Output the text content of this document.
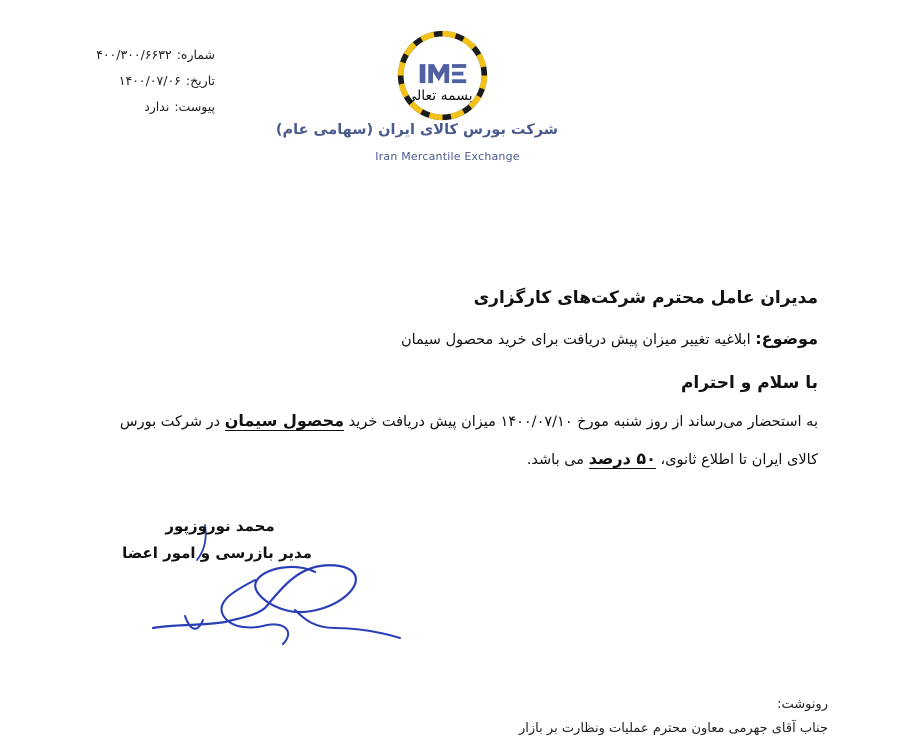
شماره:۴۰۰/۳۰۰/۶۶۳۲
تاریخ:۱۴۰۰/۰۷/۰۶
پیوست:ندارد
بسمه تعالی
شرکت بورس کالای ایران (سهامی عام)
Iran Mercantile Exchange
مدیران عامل محترم شرکت‌های کارگزاری
موضوع: ابلاغیه تغییر میزان پیش دریافت برای خرید محصول سیمان
با سلام و احترام
به استحضار می‌رساند از روز شنبه مورخ ۱۴۰۰/۰۷/۱۰ میزان پیش دریافت خرید محصول سیمان در شرکت بورس
کالای ایران تا اطلاع ثانوی، ۵۰ درصد می باشد.
محمد نوروزپور
مدیر بازرسی و امور اعضا
رونوشت:
جناب آقای جهرمی معاون محترم عملیات ونظارت بر بازار
